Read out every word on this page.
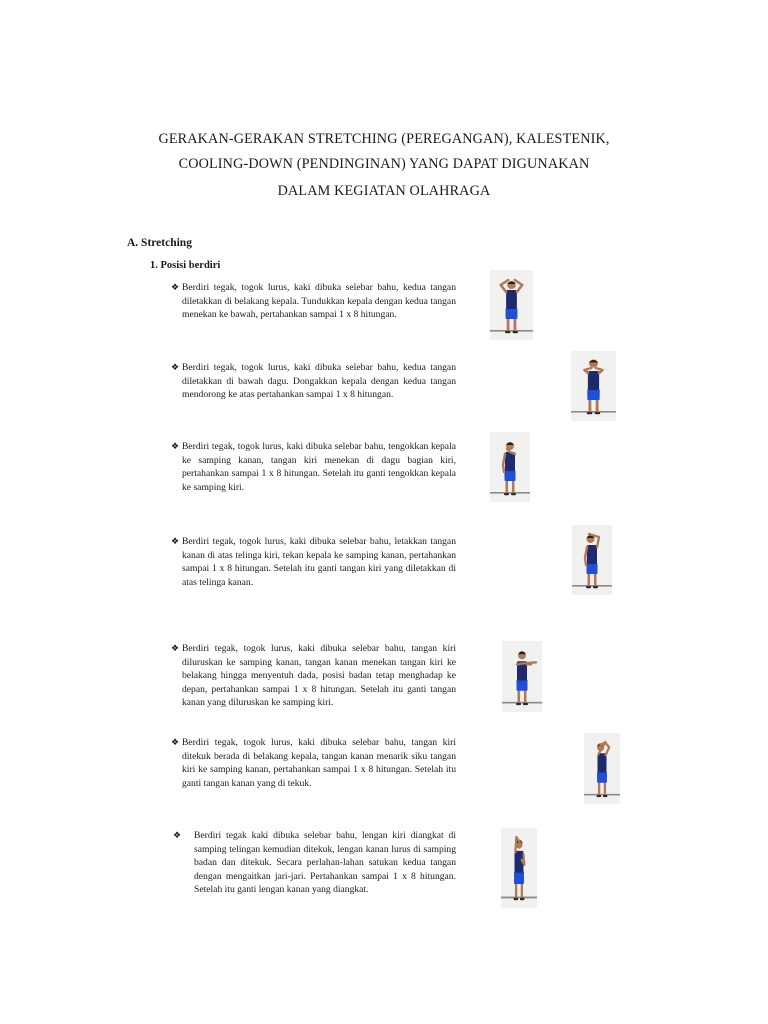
GERAKAN-GERAKAN STRETCHING (PEREGANGAN), KALESTENIK,
COOLING-DOWN (PENDINGINAN) YANG DAPAT DIGUNAKAN
DALAM KEGIATAN OLAHRAGA
A. Stretching
1. Posisi berdiri
Berdiri tegak, togok lurus, kaki dibuka selebar bahu, kedua tangan diletakkan di belakang kepala. Tundukkan kepala dengan kedua tangan menekan ke bawah, pertahankan sampai 1 x 8 hitungan.
❖
Berdiri tegak, togok lurus, kaki dibuka selebar bahu, kedua tangan diletakkan di bawah dagu. Dongakkan kepala dengan kedua tangan mendorong ke atas pertahankan sampai 1 x 8 hitungan.
❖
Berdiri tegak, togok lurus, kaki dibuka selebar bahu, tengokkan kepala ke samping kanan, tangan kiri menekan di dagu bagian kiri, pertahankan sampai 1 x 8 hitungan. Setelah itu ganti tengokkan kepala ke samping kiri.
❖
Berdiri tegak, togok lurus, kaki dibuka selebar bahu, letakkan tangan kanan di atas telinga kiri, tekan kepala ke samping kanan, pertahankan sampai 1 x 8 hitungan. Setelah itu ganti tangan kiri yang diletakkan di atas telinga kanan.
❖
Berdiri tegak, togok lurus, kaki dibuka selebar bahu, tangan kiri diluruskan ke samping kanan, tangan kanan menekan tangan kiri ke belakang hingga menyentuh dada, posisi badan tetap menghadap ke depan, pertahankan sampai 1 x 8 hitungan. Setelah itu ganti tangan kanan yang diluruskan ke samping kiri.
❖
Berdiri tegak, togok lurus, kaki dibuka selebar bahu, tangan kiri ditekuk berada di belakang kepala, tangan kanan menarik siku tangan kiri ke samping kanan, pertahankan sampai 1 x 8 hitungan. Setelah itu ganti tangan kanan yang di tekuk.
❖
Berdiri tegak kaki dibuka selebar bahu, lengan kiri diangkat di samping telingan kemudian ditekuk, lengan kanan lurus di samping badan dan ditekuk. Secara perlahan-lahan satukan kedua tangan dengan mengaitkan jari-jari. Pertahankan sampai 1 x 8 hitungan. Setelah itu ganti lengan kanan yang diangkat.
❖
